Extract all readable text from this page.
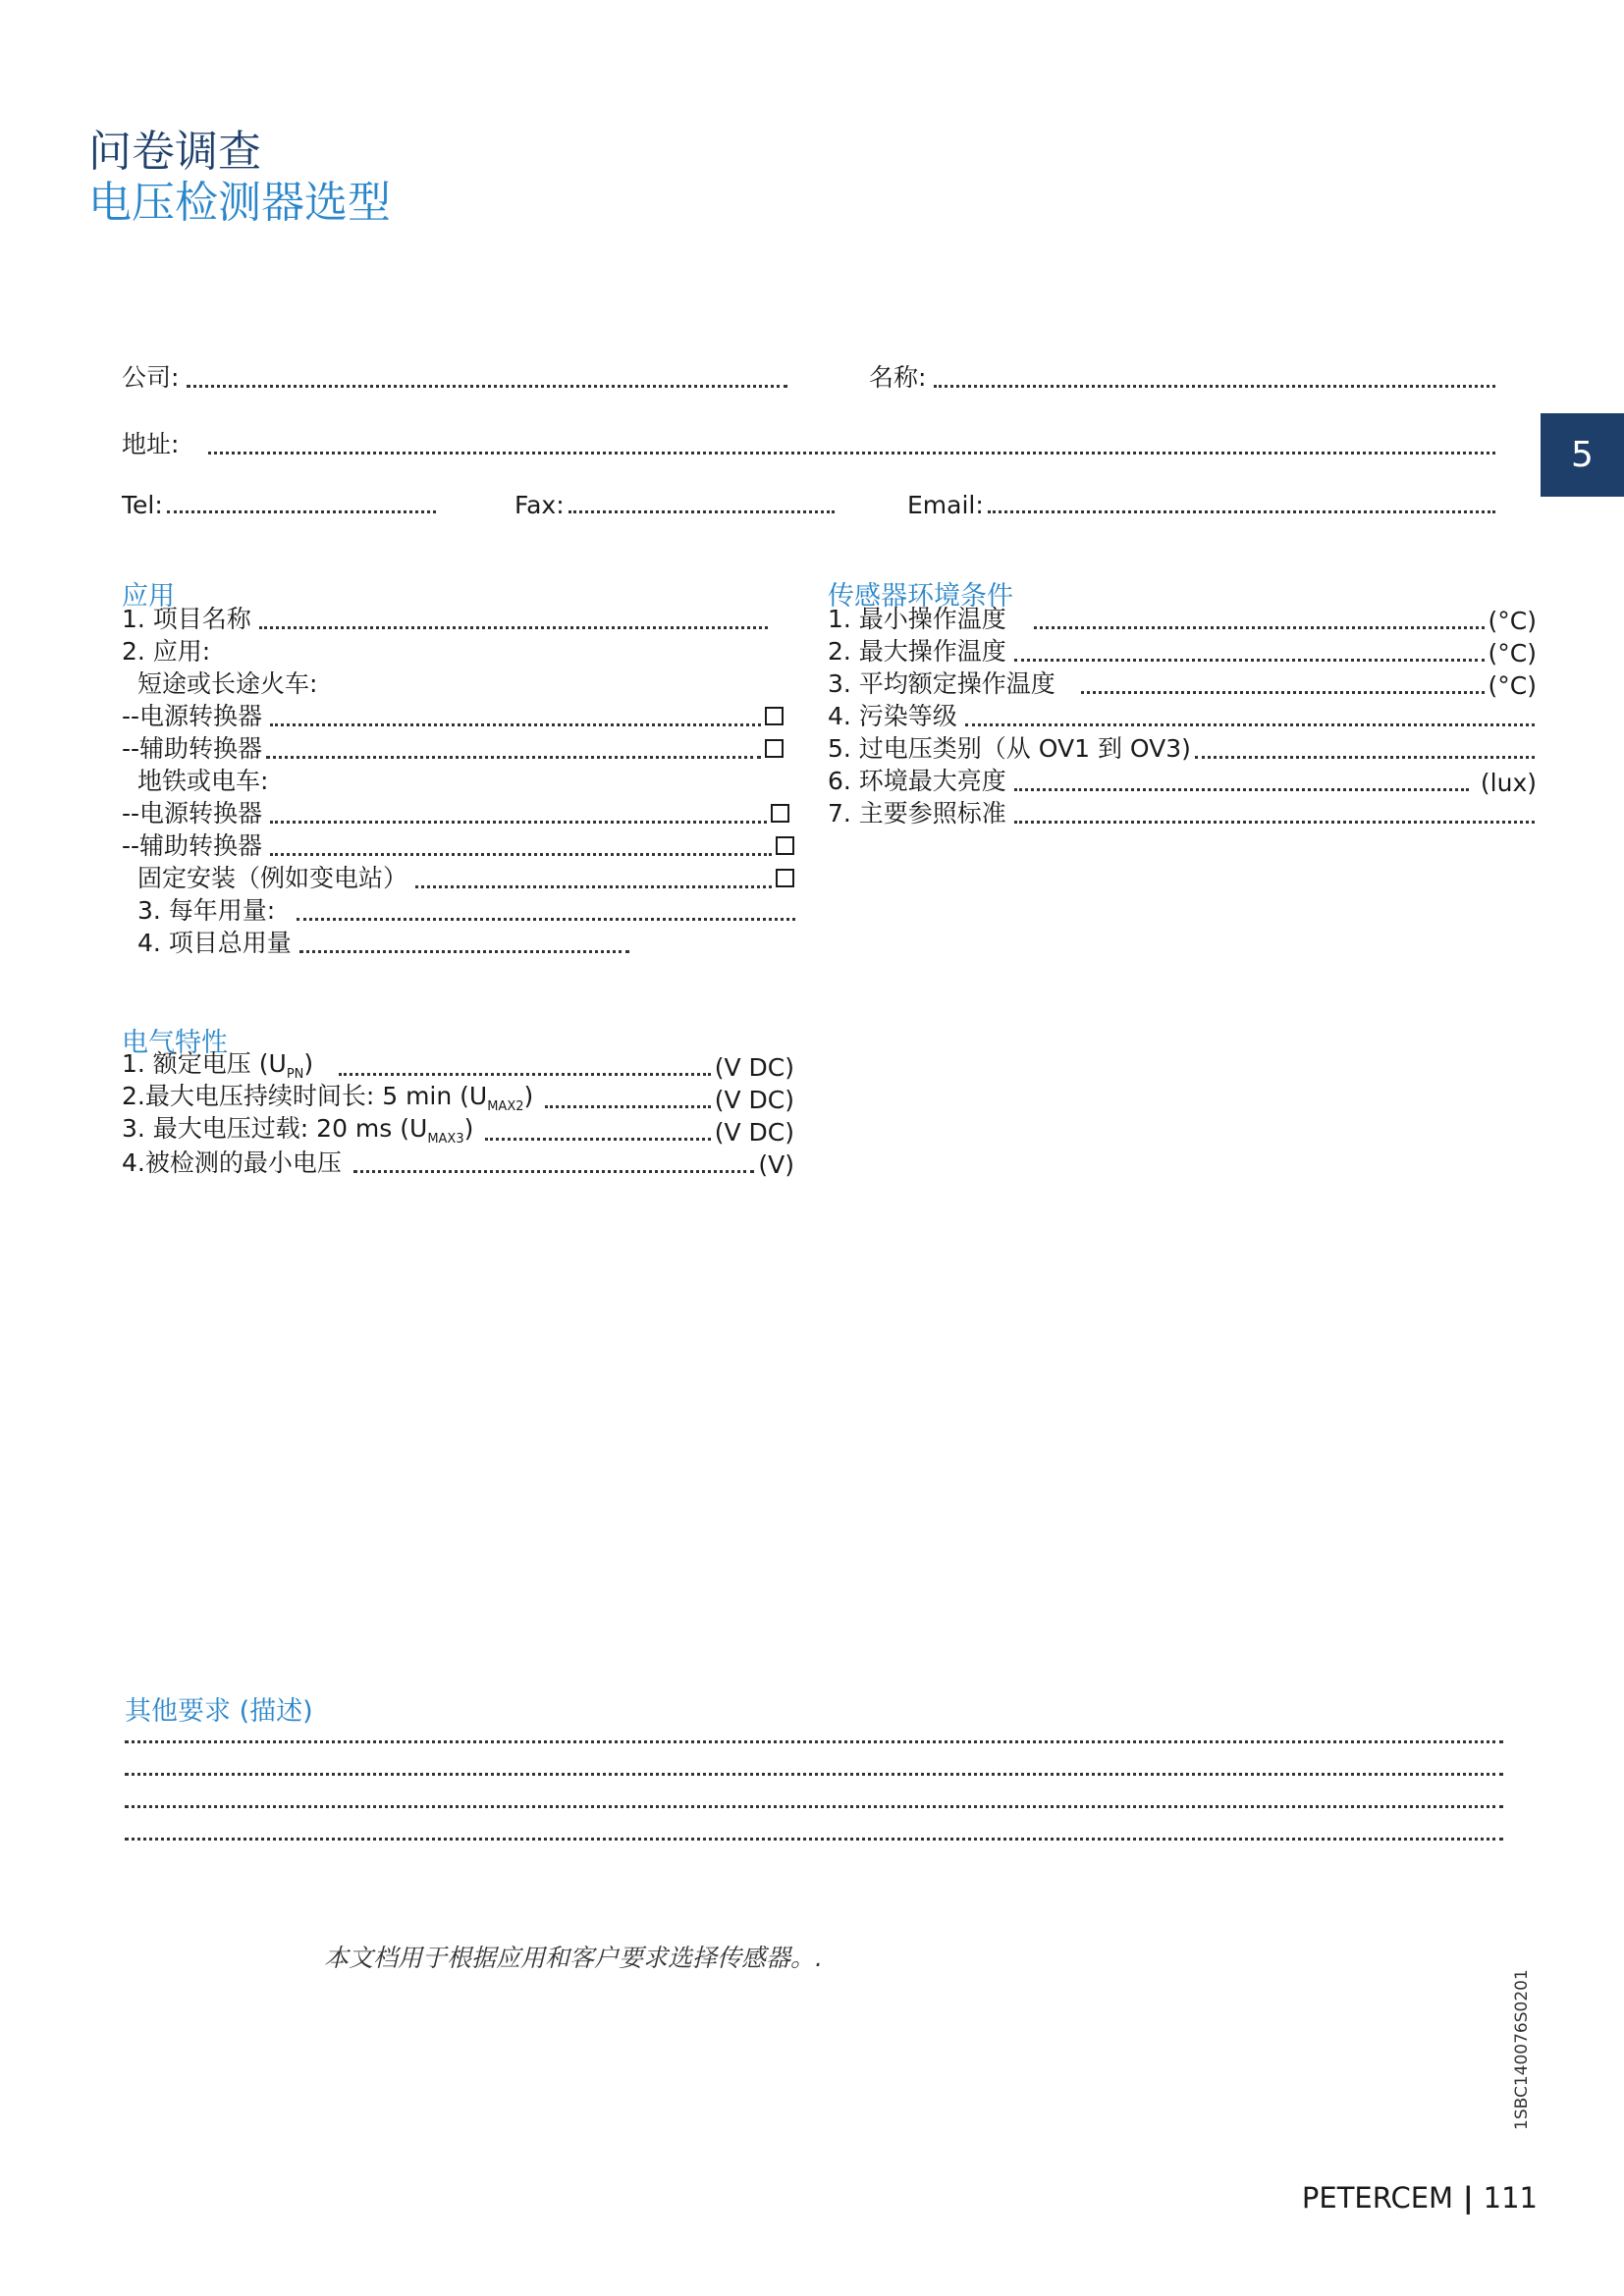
问卷调查
电压检测器选型
5
公司:	名称:
地址:
Tel:	Fax:	Email:
应用
1. 项目名称
2. 应用:
短途或长途火车:
--电源转换器
--辅助转换器
地铁或电车:
--电源转换器
--辅助转换器
固定安装（例如变电站）
3. 每年用量:
4. 项目总用量
传感器环境条件
1. 最小操作温度	(°C)
2. 最大操作温度	(°C)
3. 平均额定操作温度	(°C)
4. 污染等级
5. 过电压类别（从 OV1 到 OV3)
6. 环境最大亮度	(lux)
7. 主要参照标准
电气特性
1. 额定电压 $(U_{PN})$	(V DC)
2.最大电压持续时间长: 5 $\min (U_{MAX2})$	(V DC)
3. 最大电压过载: 20 ms $(U_{MAX3})$	(V DC)
4.被检测的最小电压	(V)
其他要求 (描述)
本文档用于根据应用和客户要求选择传感器。.
1SBC140076S0201
PETERCEM | 111
